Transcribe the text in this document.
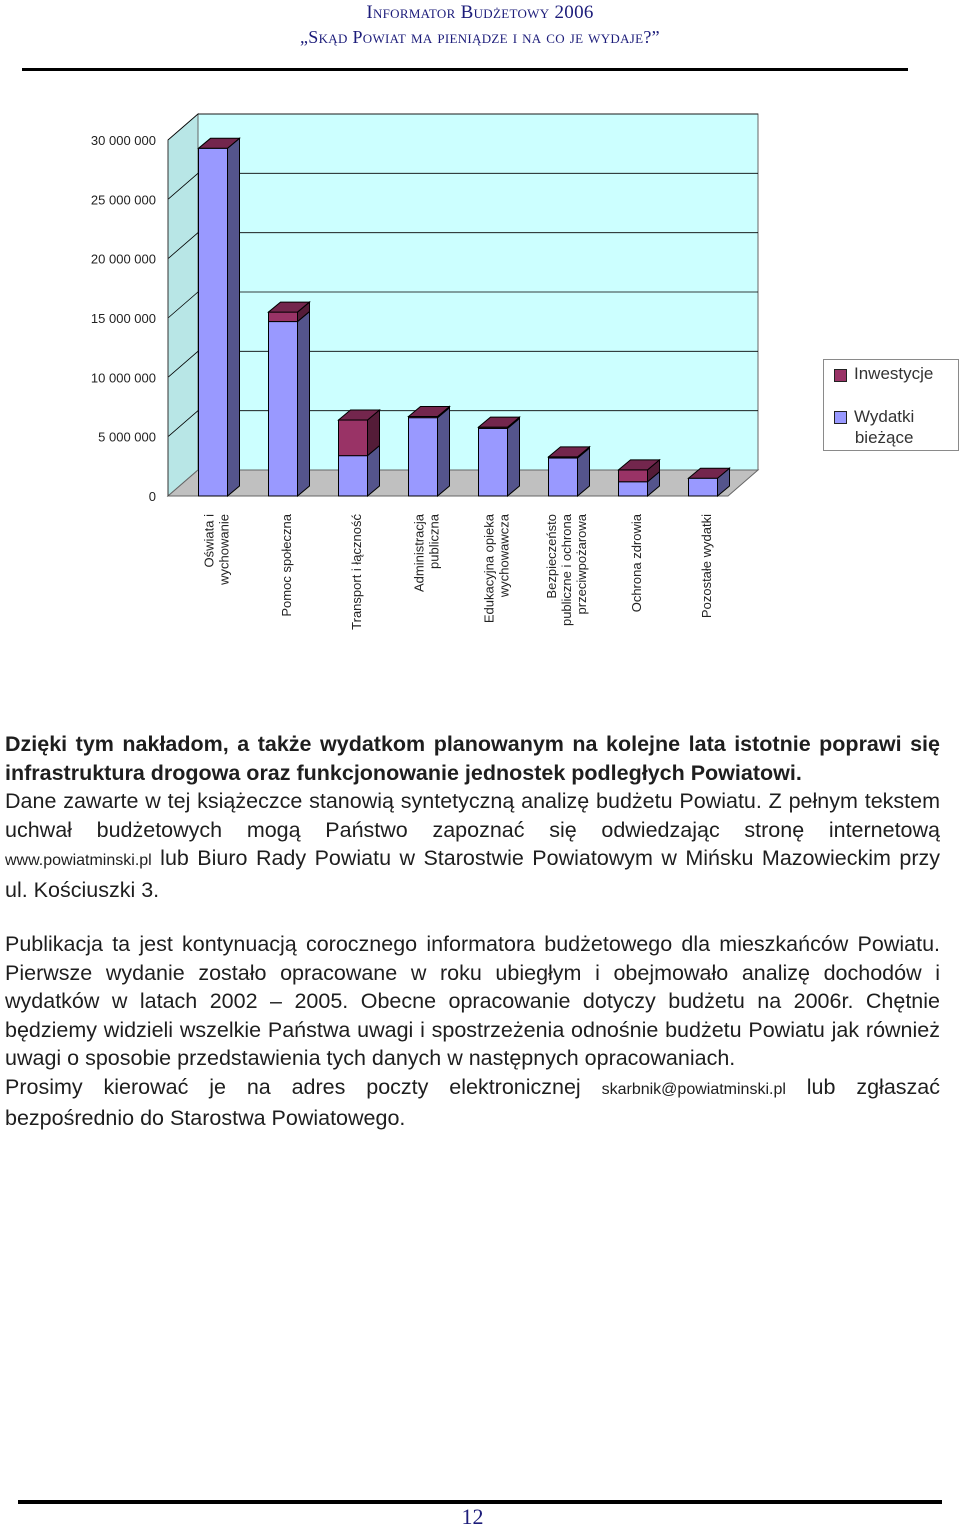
Informator Budżetowy 2006
„Skąd Powiat ma pieniądze i na co je wydaje?”
0
5 000 000
10 000 000
15 000 000
20 000 000
25 000 000
30 000 000
Oświata iwychowanie	Pomoc społeczna	Transport i łączność	Administracjapubliczna	Edukacyjna opiekawychowawcza	Bezpieczeństopubliczne i ochronaprzeciwpożarowa	Ochrona zdrowia	Pozostałe wydatki
Inwestycje
Wydatki
bieżące

Dzięki tym nakładom, a także wydatkom planowanym na kolejne lata istotnie poprawi się infrastruktura drogowa oraz funkcjonowanie jednostek podległych Powiatowi.

Dane zawarte w tej książeczce stanowią syntetyczną analizę budżetu Powiatu. Z pełnym tekstem uchwał budżetowych mogą Państwo zapoznać się odwiedzając stronę internetową www.powiatminski.pl lub Biuro Rady Powiatu w Starostwie Powiatowym w Mińsku Mazowieckim przy ul. Kościuszki 3.

Publikacja ta jest kontynuacją corocznego informatora budżetowego dla mieszkańców Powiatu. Pierwsze wydanie zostało opracowane w roku ubiegłym i obejmowało analizę dochodów i wydatków w latach 2002 – 2005. Obecne opracowanie dotyczy budżetu na 2006r. Chętnie będziemy widzieli wszelkie Państwa uwagi i spostrzeżenia odnośnie budżetu Powiatu jak również uwagi o sposobie przedstawienia tych danych w następnych opracowaniach.

Prosimy kierować je na adres poczty elektronicznej skarbnik@powiatminski.pl lub zgłaszać bezpośrednio do Starostwa Powiatowego.

12
